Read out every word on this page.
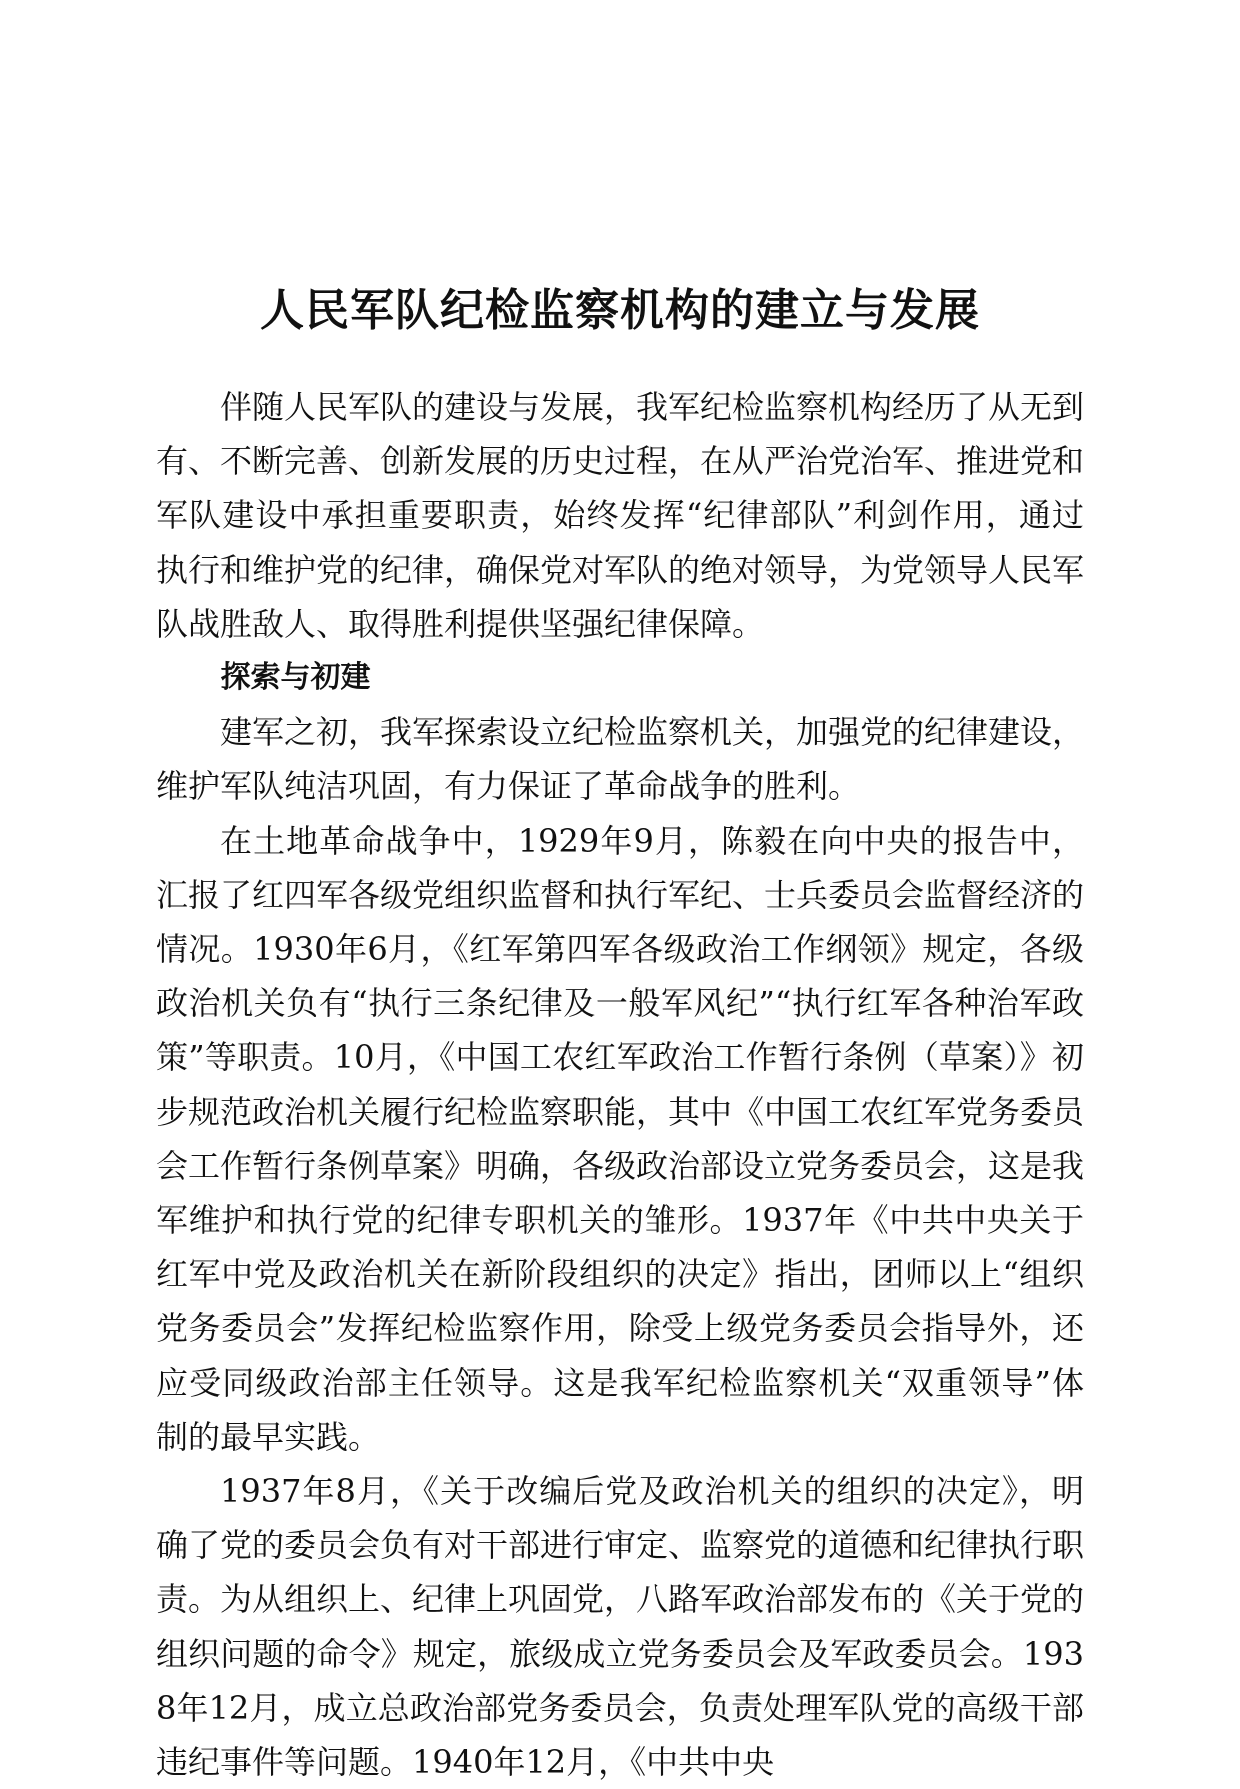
人民军队纪检监察机构的建立与发展

伴随人民军队的建设与发展，我军纪检监察机构经历了从无到有、不断完善、创新发展的历史过程，在从严治党治军、推进党和军队建设中承担重要职责，始终发挥“纪律部队”利剑作用，通过执行和维护党的纪律，确保党对军队的绝对领导，为党领导人民军队战胜敌人、取得胜利提供坚强纪律保障。

探索与初建

建军之初，我军探索设立纪检监察机关，加强党的纪律建设，维护军队纯洁巩固，有力保证了革命战争的胜利。

在土地革命战争中，1929年9月，陈毅在向中央的报告中，汇报了红四军各级党组织监督和执行军纪、士兵委员会监督经济的情况。1930年6月，《红军第四军各级政治工作纲领》规定，各级政治机关负有“执行三条纪律及一般军风纪”“执行红军各种治军政策”等职责。10月，《中国工农红军政治工作暂行条例（草案）》初步规范政治机关履行纪检监察职能，其中《中国工农红军党务委员会工作暂行条例草案》明确，各级政治部设立党务委员会，这是我军维护和执行党的纪律专职机关的雏形。1937年《中共中央关于红军中党及政治机关在新阶段组织的决定》指出，团师以上“组织党务委员会”发挥纪检监察作用，除受上级党务委员会指导外，还应受同级政治部主任领导。这是我军纪检监察机关“双重领导”体制的最早实践。

1937年8月，《关于改编后党及政治机关的组织的决定》，明确了党的委员会负有对干部进行审定、监察党的道德和纪律执行职责。为从组织上、纪律上巩固党，八路军政治部发布的《关于党的组织问题的命令》规定，旅级成立党务委员会及军政委员会。1938年12月，成立总政治部党务委员会，负责处理军队党的高级干部违纪事件等问题。1940年12月，《中共中央
